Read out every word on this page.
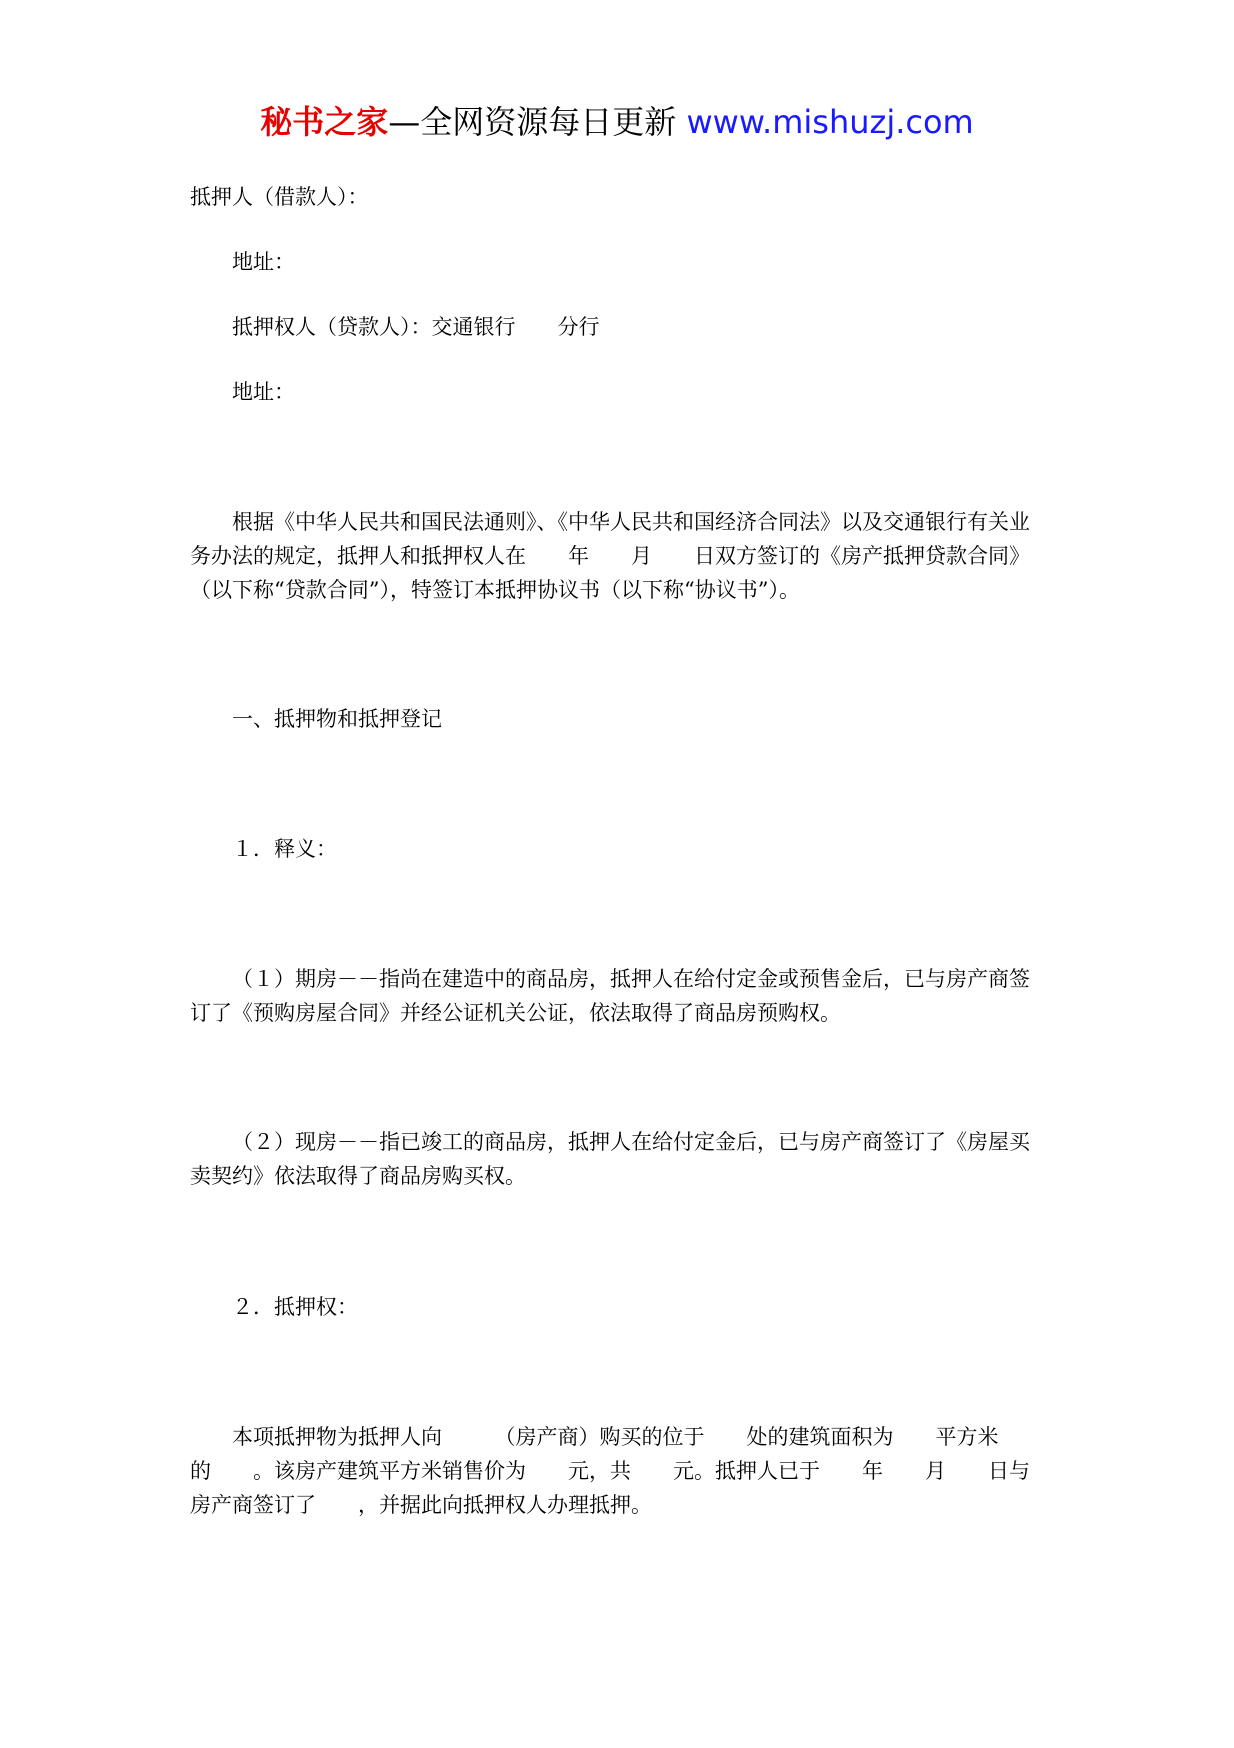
秘书之家—全网资源每日更新 www.mishuzj.com
抵押人（借款人）：
地址：
抵押权人（贷款人）：交通银行　　分行
地址：
根据《中华人民共和国民法通则》、《中华人民共和国经济合同法》以及交通银行有关业务办法的规定，抵押人和抵押权人在　　年　　月　　日双方签订的《房产抵押贷款合同》（以下称“贷款合同”），特签订本抵押协议书（以下称“协议书”）。
一、抵押物和抵押登记
１．释义：
（１）期房－－指尚在建造中的商品房，抵押人在给付定金或预售金后，已与房产商签订了《预购房屋合同》并经公证机关公证，依法取得了商品房预购权。
（２）现房－－指已竣工的商品房，抵押人在给付定金后，已与房产商签订了《房屋买卖契约》依法取得了商品房购买权。
２．抵押权：
本项抵押物为抵押人向　　　（房产商）购买的位于　　处的建筑面积为　　平方米的　　。该房产建筑平方米销售价为　　元，共　　元。抵押人已于　　年　　月　　日与房产商签订了　　，并据此向抵押权人办理抵押。
